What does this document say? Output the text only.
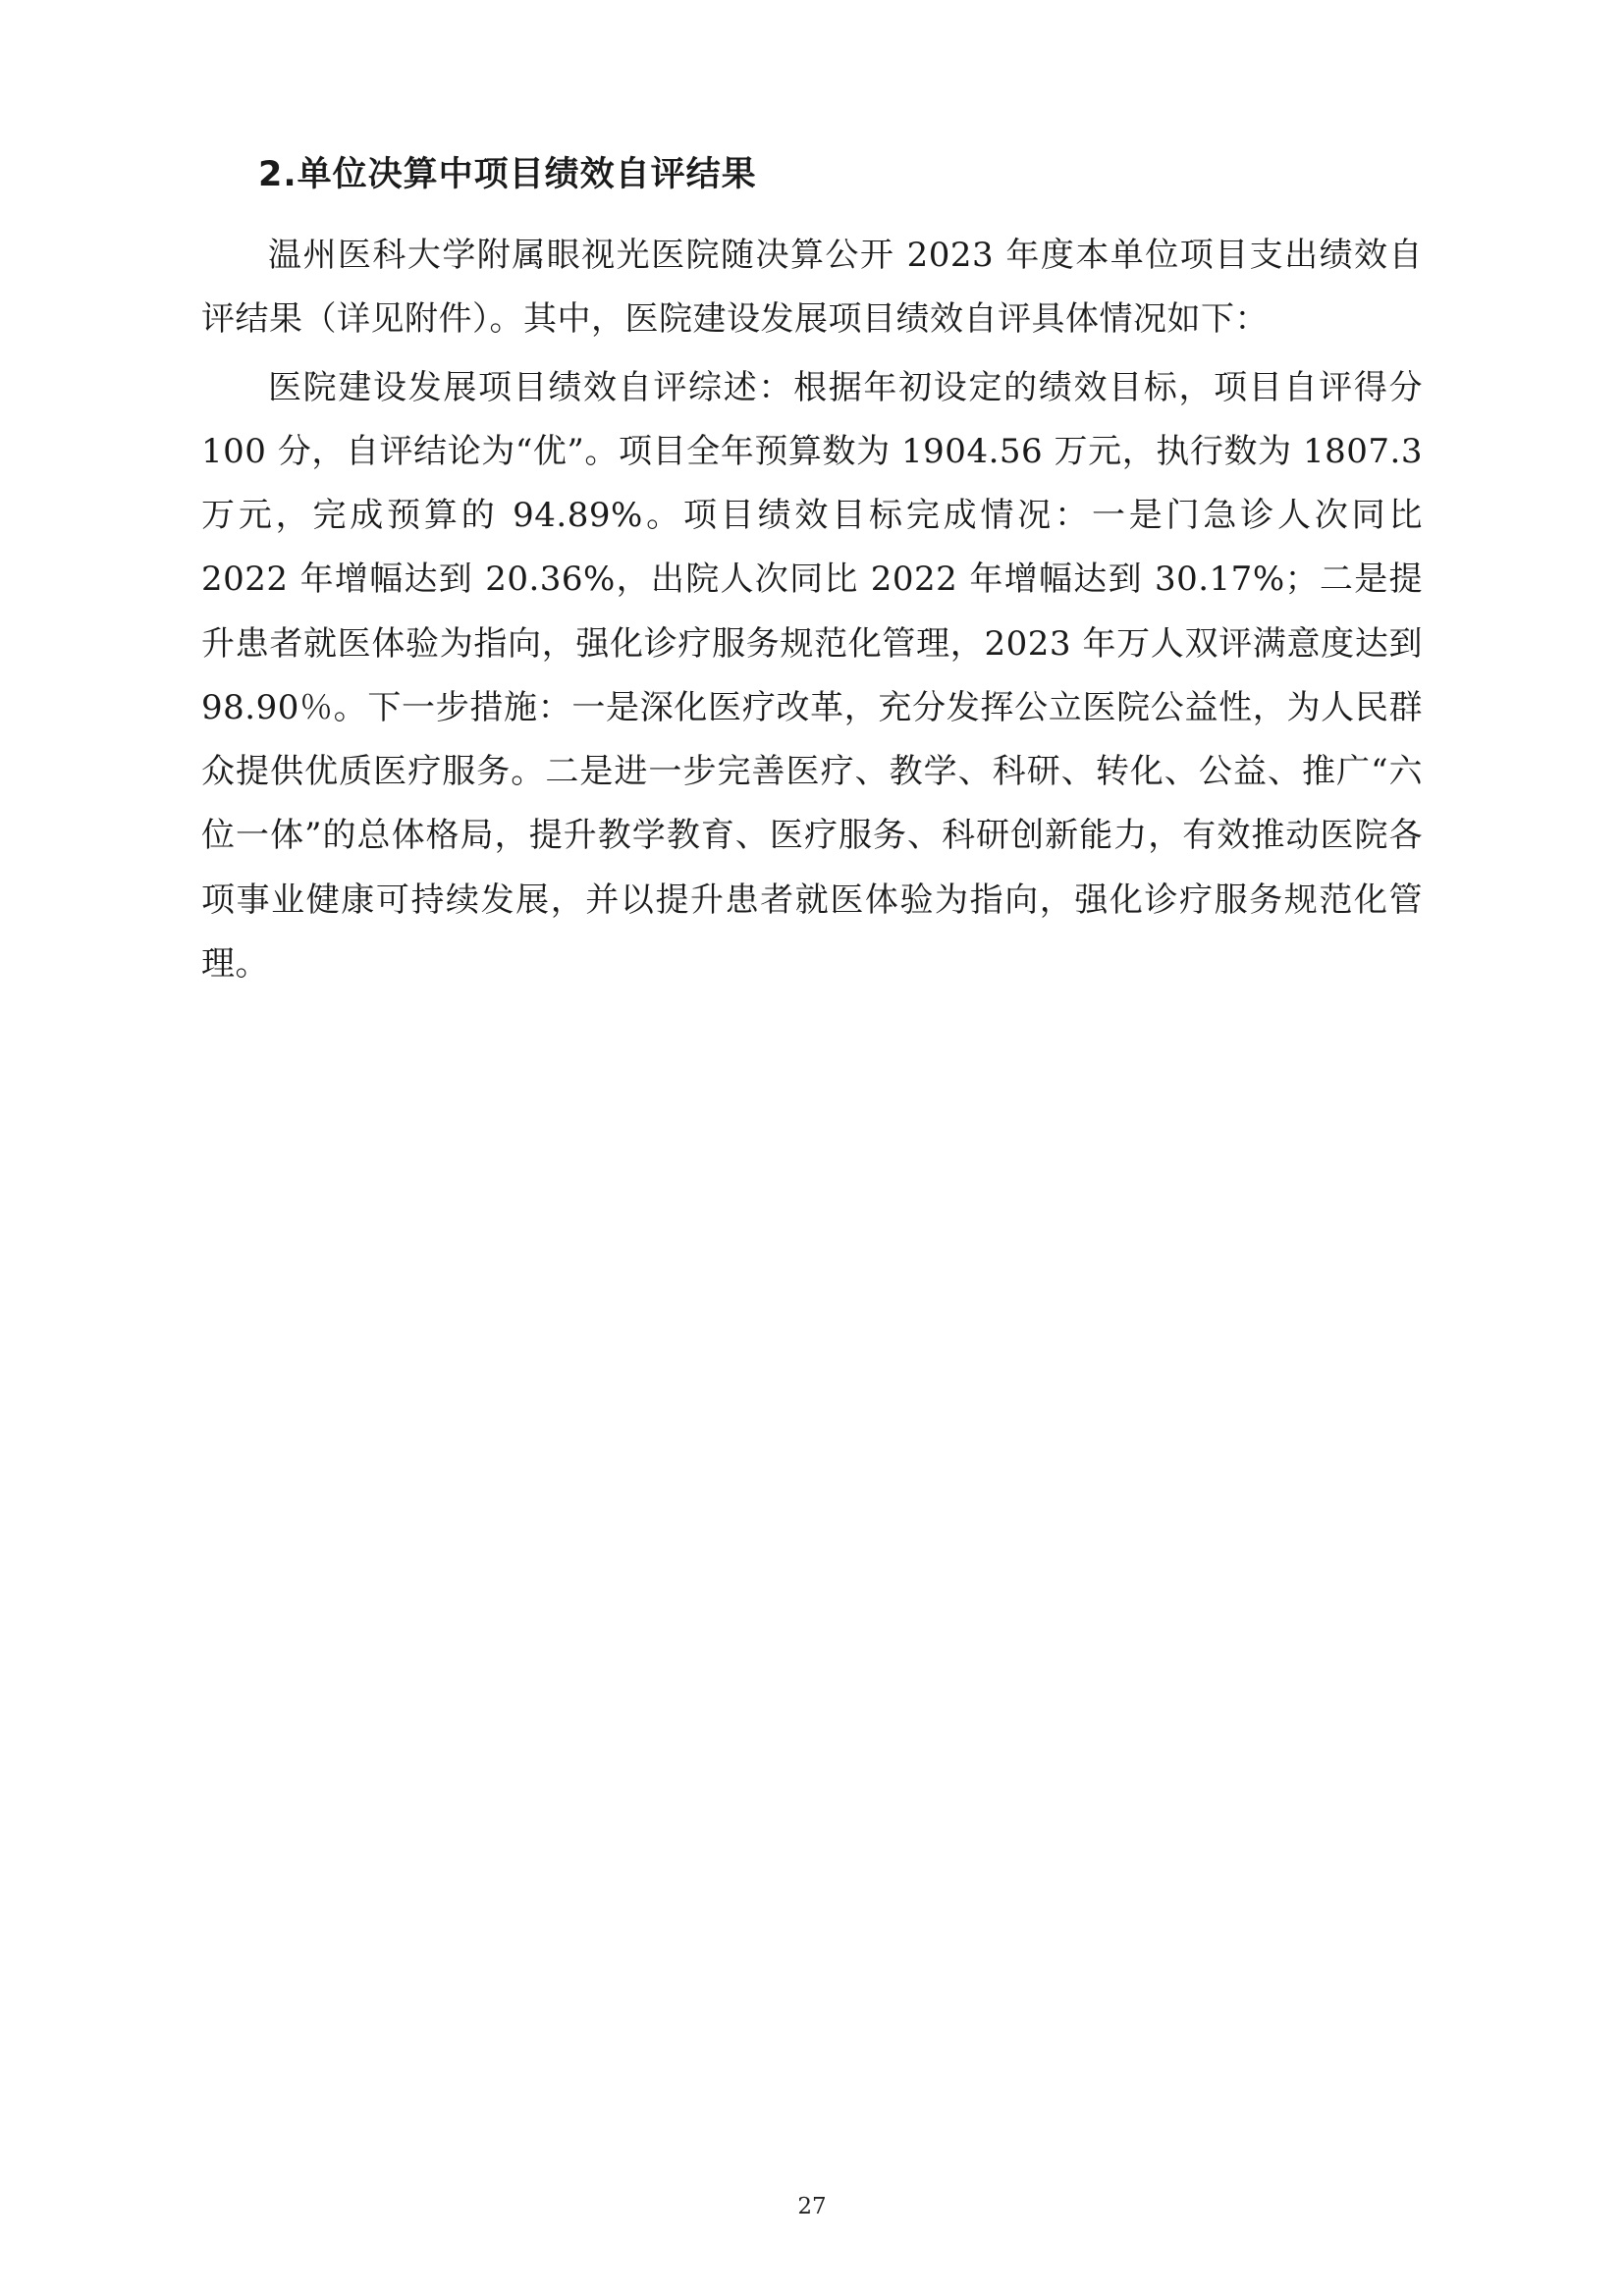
2.单位决算中项目绩效自评结果

温州医科大学附属眼视光医院随决算公开 2023 年度本单位项目支出绩效自评结果（详见附件）。其中，医院建设发展项目绩效自评具体情况如下：

医院建设发展项目绩效自评综述：根据年初设定的绩效目标，项目自评得分 100 分，自评结论为“优”。项目全年预算数为 1904.56 万元，执行数为 1807.3 万元，完成预算的 94.89%。项目绩效目标完成情况：一是门急诊人次同比 2022 年增幅达到 20.36%，出院人次同比 2022 年增幅达到 30.17%；二是提升患者就医体验为指向，强化诊疗服务规范化管理，2023 年万人双评满意度达到 98.90％。下一步措施：一是深化医疗改革，充分发挥公立医院公益性，为人民群众提供优质医疗服务。二是进一步完善医疗、教学、科研、转化、公益、推广“六位一体”的总体格局，提升教学教育、医疗服务、科研创新能力，有效推动医院各项事业健康可持续发展，并以提升患者就医体验为指向，强化诊疗服务规范化管理。

27
